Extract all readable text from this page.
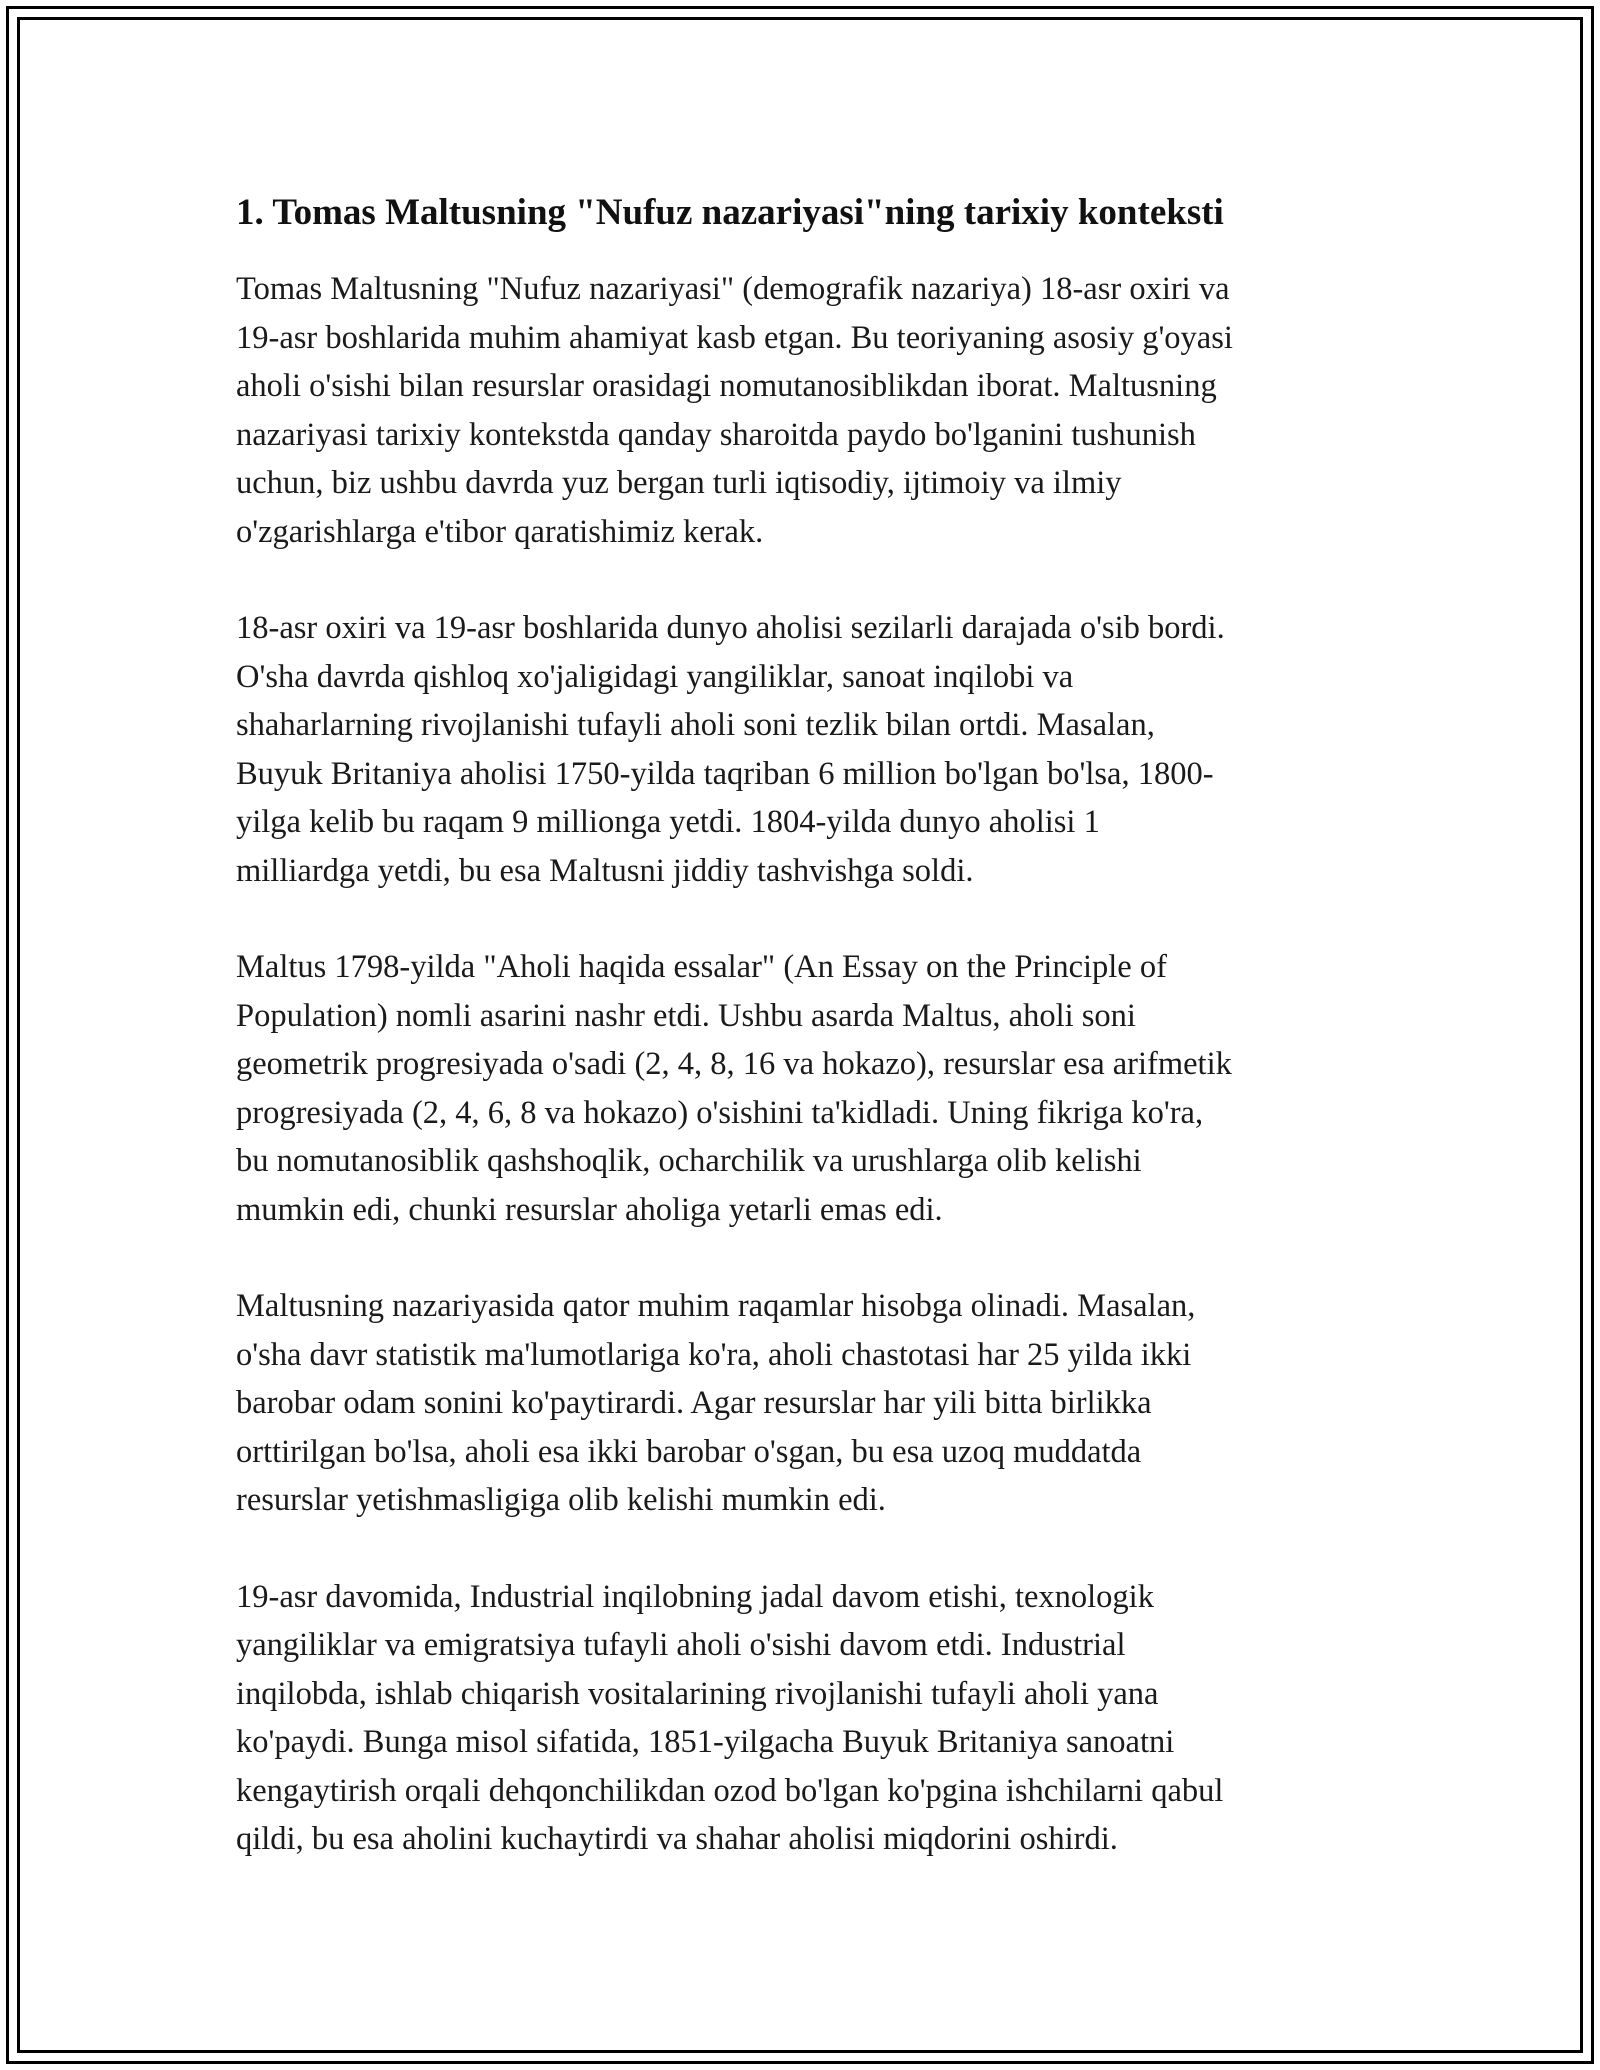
1. Tomas Maltusning "Nufuz nazariyasi"ning tarixiy konteksti

Tomas Maltusning "Nufuz nazariyasi" (demografik nazariya) 18-asr oxiri va
19-asr boshlarida muhim ahamiyat kasb etgan. Bu teoriyaning asosiy g'oyasi
aholi o'sishi bilan resurslar orasidagi nomutanosiblikdan iborat. Maltusning
nazariyasi tarixiy kontekstda qanday sharoitda paydo bo'lganini tushunish
uchun, biz ushbu davrda yuz bergan turli iqtisodiy, ijtimoiy va ilmiy
o'zgarishlarga e'tibor qaratishimiz kerak.

18-asr oxiri va 19-asr boshlarida dunyo aholisi sezilarli darajada o'sib bordi.
O'sha davrda qishloq xo'jaligidagi yangiliklar, sanoat inqilobi va
shaharlarning rivojlanishi tufayli aholi soni tezlik bilan ortdi. Masalan,
Buyuk Britaniya aholisi 1750-yilda taqriban 6 million bo'lgan bo'lsa, 1800-
yilga kelib bu raqam 9 millionga yetdi. 1804-yilda dunyo aholisi 1
milliardga yetdi, bu esa Maltusni jiddiy tashvishga soldi.

Maltus 1798-yilda "Aholi haqida essalar" (An Essay on the Principle of
Population) nomli asarini nashr etdi. Ushbu asarda Maltus, aholi soni
geometrik progresiyada o'sadi (2, 4, 8, 16 va hokazo), resurslar esa arifmetik
progresiyada (2, 4, 6, 8 va hokazo) o'sishini ta'kidladi. Uning fikriga ko'ra,
bu nomutanosiblik qashshoqlik, ocharchilik va urushlarga olib kelishi
mumkin edi, chunki resurslar aholiga yetarli emas edi.

Maltusning nazariyasida qator muhim raqamlar hisobga olinadi. Masalan,
o'sha davr statistik ma'lumotlariga ko'ra, aholi chastotasi har 25 yilda ikki
barobar odam sonini ko'paytirardi. Agar resurslar har yili bitta birlikka
orttirilgan bo'lsa, aholi esa ikki barobar o'sgan, bu esa uzoq muddatda
resurslar yetishmasligiga olib kelishi mumkin edi.

19-asr davomida, Industrial inqilobning jadal davom etishi, texnologik
yangiliklar va emigratsiya tufayli aholi o'sishi davom etdi. Industrial
inqilobda, ishlab chiqarish vositalarining rivojlanishi tufayli aholi yana
ko'paydi. Bunga misol sifatida, 1851-yilgacha Buyuk Britaniya sanoatni
kengaytirish orqali dehqonchilikdan ozod bo'lgan ko'pgina ishchilarni qabul
qildi, bu esa aholini kuchaytirdi va shahar aholisi miqdorini oshirdi.
